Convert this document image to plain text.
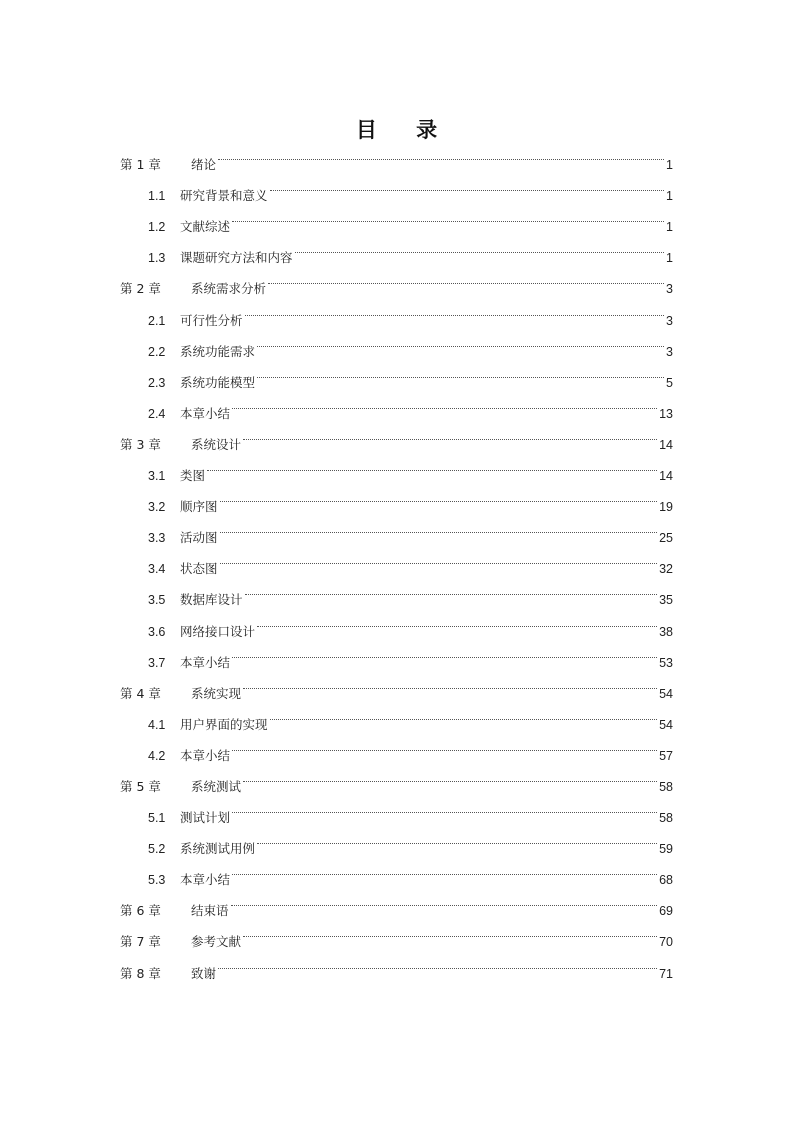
目 录
第 1 章	绪论	1
1.1	研究背景和意义	1
1.2	文献综述	1
1.3	课题研究方法和内容	1
第 2 章	系统需求分析	3
2.1	可行性分析	3
2.2	系统功能需求	3
2.3	系统功能模型	5
2.4	本章小结	13
第 3 章	系统设计	14
3.1	类图	14
3.2	顺序图	19
3.3	活动图	25
3.4	状态图	32
3.5	数据库设计	35
3.6	网络接口设计	38
3.7	本章小结	53
第 4 章	系统实现	54
4.1	用户界面的实现	54
4.2	本章小结	57
第 5 章	系统测试	58
5.1	测试计划	58
5.2	系统测试用例	59
5.3	本章小结	68
第 6 章	结束语	69
第 7 章	参考文献	70
第 8 章	致谢	71
